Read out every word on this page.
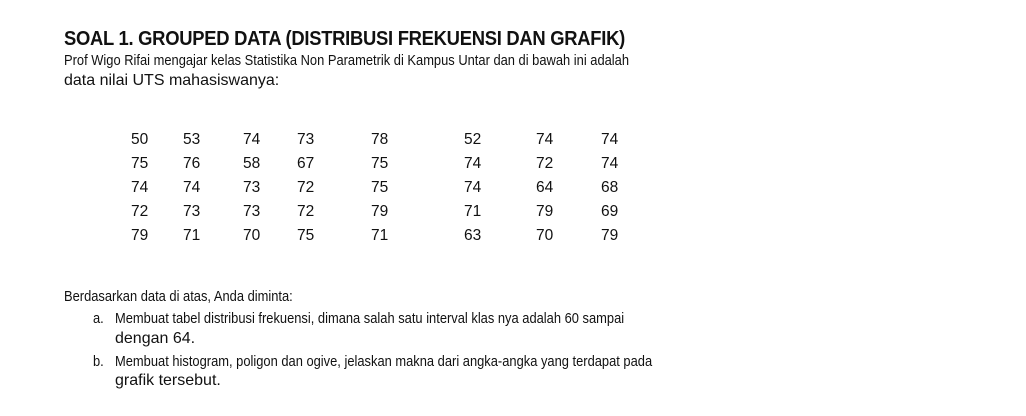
SOAL 1. GROUPED DATA (DISTRIBUSI FREKUENSI DAN GRAFIK)
Prof Wigo Rifai mengajar kelas Statistika Non Parametrik di Kampus Untar dan di bawah ini adalah
data nilai UTS mahasiswanya:
50 53	74 73	78	52	74	74
75 76	58 67	75	74	72	74
74 74	73 72	75	74	64	68
72 73	73 72	79	71	79	69
79 71	70 75	71	63	70	79
Berdasarkan data di atas, Anda diminta:
a. Membuat tabel distribusi frekuensi, dimana salah satu interval klas nya adalah 60 sampai
dengan 64.
b. Membuat histogram, poligon dan ogive, jelaskan makna dari angka-angka yang terdapat pada
grafik tersebut.
